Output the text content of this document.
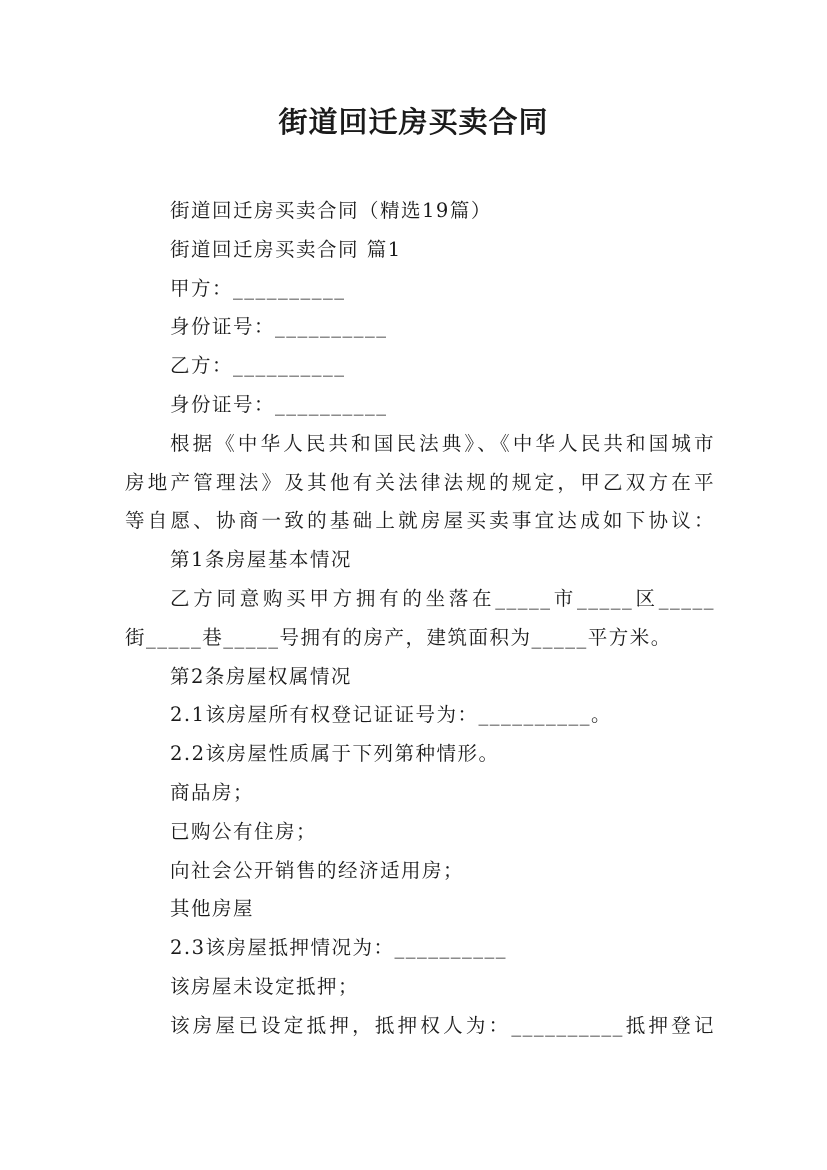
街道回迁房买卖合同
街道回迁房买卖合同（精选19篇）
街道回迁房买卖合同 篇1
甲方：__________
身份证号：__________
乙方：__________
身份证号：__________
根据《中华人民共和国民法典》、《中华人民共和国城市
房地产管理法》及其他有关法律法规的规定，甲乙双方在平
等自愿、协商一致的基础上就房屋买卖事宜达成如下协议：
第1条房屋基本情况
乙方同意购买甲方拥有的坐落在_____市_____区_____
街_____巷_____号拥有的房产，建筑面积为_____平方米。
第2条房屋权属情况
2.1该房屋所有权登记证证号为：__________。
2.2该房屋性质属于下列第种情形。
商品房；
已购公有住房；
向社会公开销售的经济适用房；
其他房屋
2.3该房屋抵押情况为：__________
该房屋未设定抵押；
该房屋已设定抵押，抵押权人为：__________抵押登记
